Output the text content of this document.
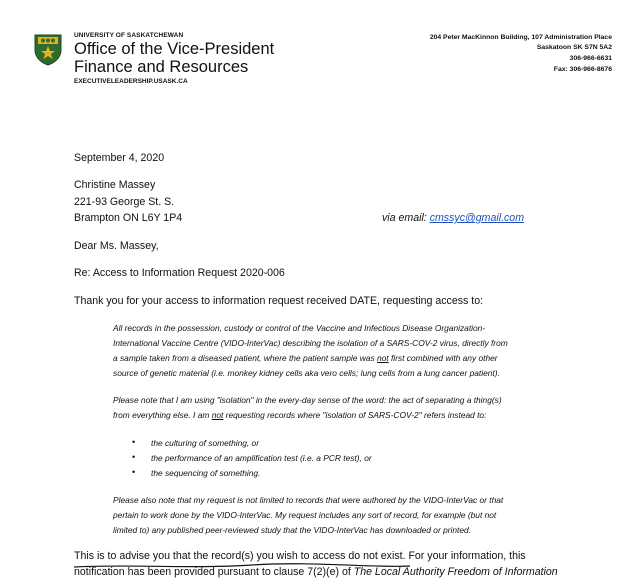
UNIVERSITY OF SASKATCHEWAN
Office of the Vice-President
Finance and Resources
EXECUTIVELEADERSHIP.USASK.CA
204 Peter MacKinnon Building, 107 Administration Place
Saskatoon SK S7N 5A2
306-966-6631
Fax: 306-966-8676
September 4, 2020
Christine Massey
221-93 George St. S.
Brampton ON L6Y 1P4	via email: cmssyc@gmail.com
Dear Ms. Massey,
Re: Access to Information Request 2020-006
Thank you for your access to information request received DATE, requesting access to:
All records in the possession, custody or control of the Vaccine and Infectious Disease Organization-
International Vaccine Centre (VIDO-InterVac) describing the isolation of a SARS-COV-2 virus, directly from
a sample taken from a diseased patient, where the patient sample was not first combined with any other
source of genetic material (i.e. monkey kidney cells aka vero cells; lung cells from a lung cancer patient).
Please note that I am using "isolation" in the every-day sense of the word: the act of separating a thing(s)
from everything else. I am not requesting records where "isolation of SARS-COV-2" refers instead to:
• the culturing of something, or
• the performance of an amplification test (i.e. a PCR test), or
• the sequencing of something.
Please also note that my request is not limited to records that were authored by the VIDO-InterVac or that
pertain to work done by the VIDO-InterVac. My request includes any sort of record, for example (but not
limited to) any published peer-reviewed study that the VIDO-InterVac has downloaded or printed.
This is to advise you that the record(s) you wish to access do not exist. For your information, this
notification has been provided pursuant to clause 7(2)(e) of The Local Authority Freedom of Information
